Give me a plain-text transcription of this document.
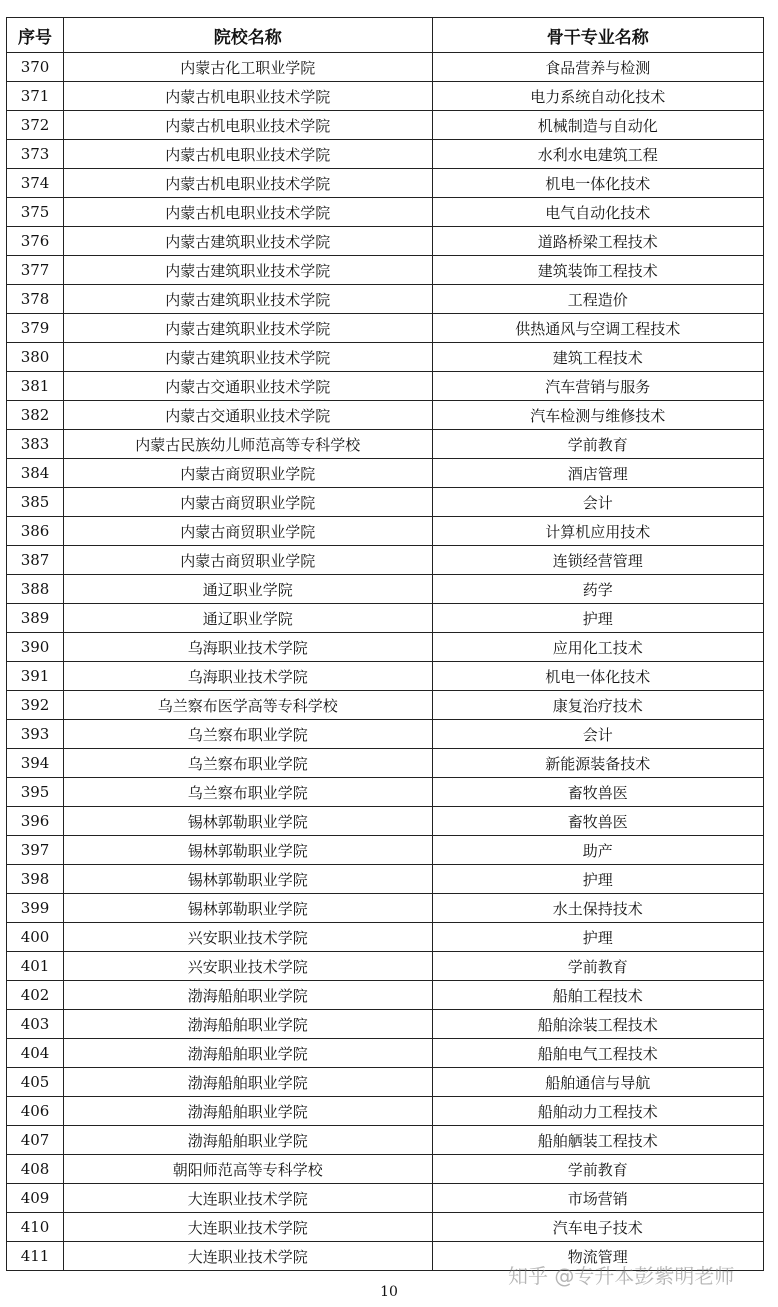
序号	院校名称	骨干专业名称
370	内蒙古化工职业学院	食品营养与检测
371	内蒙古机电职业技术学院	电力系统自动化技术
372	内蒙古机电职业技术学院	机械制造与自动化
373	内蒙古机电职业技术学院	水利水电建筑工程
374	内蒙古机电职业技术学院	机电一体化技术
375	内蒙古机电职业技术学院	电气自动化技术
376	内蒙古建筑职业技术学院	道路桥梁工程技术
377	内蒙古建筑职业技术学院	建筑装饰工程技术
378	内蒙古建筑职业技术学院	工程造价
379	内蒙古建筑职业技术学院	供热通风与空调工程技术
380	内蒙古建筑职业技术学院	建筑工程技术
381	内蒙古交通职业技术学院	汽车营销与服务
382	内蒙古交通职业技术学院	汽车检测与维修技术
383	内蒙古民族幼儿师范高等专科学校	学前教育
384	内蒙古商贸职业学院	酒店管理
385	内蒙古商贸职业学院	会计
386	内蒙古商贸职业学院	计算机应用技术
387	内蒙古商贸职业学院	连锁经营管理
388	通辽职业学院	药学
389	通辽职业学院	护理
390	乌海职业技术学院	应用化工技术
391	乌海职业技术学院	机电一体化技术
392	乌兰察布医学高等专科学校	康复治疗技术
393	乌兰察布职业学院	会计
394	乌兰察布职业学院	新能源装备技术
395	乌兰察布职业学院	畜牧兽医
396	锡林郭勒职业学院	畜牧兽医
397	锡林郭勒职业学院	助产
398	锡林郭勒职业学院	护理
399	锡林郭勒职业学院	水土保持技术
400	兴安职业技术学院	护理
401	兴安职业技术学院	学前教育
402	渤海船舶职业学院	船舶工程技术
403	渤海船舶职业学院	船舶涂装工程技术
404	渤海船舶职业学院	船舶电气工程技术
405	渤海船舶职业学院	船舶通信与导航
406	渤海船舶职业学院	船舶动力工程技术
407	渤海船舶职业学院	船舶舾装工程技术
408	朝阳师范高等专科学校	学前教育
409	大连职业技术学院	市场营销
410	大连职业技术学院	汽车电子技术
411	大连职业技术学院	物流管理
10
知乎 @专升本彭紫明老师
